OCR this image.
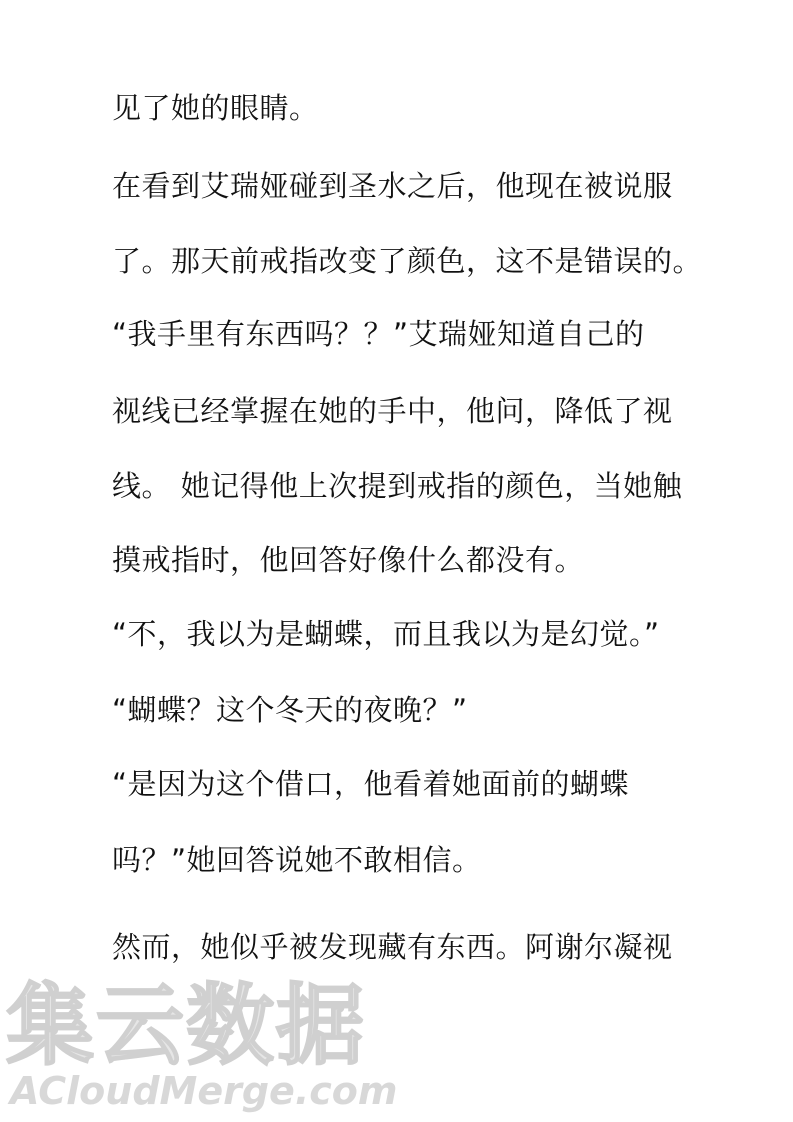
见了她的眼睛。

在看到艾瑞娅碰到圣水之后，他现在被说服

了。那天前戒指改变了颜色，这不是错误的。

“我手里有东西吗？？”艾瑞娅知道自己的

视线已经掌握在她的手中，他问，降低了视

线。 她记得他上次提到戒指的颜色，当她触

摸戒指时，他回答好像什么都没有。

“不，我以为是蝴蝶，而且我以为是幻觉。”

“蝴蝶？这个冬天的夜晚？”

“是因为这个借口，他看着她面前的蝴蝶

吗？”她回答说她不敢相信。

然而，她似乎被发现藏有东西。阿谢尔凝视

集云数据
ACloudMerge.com
